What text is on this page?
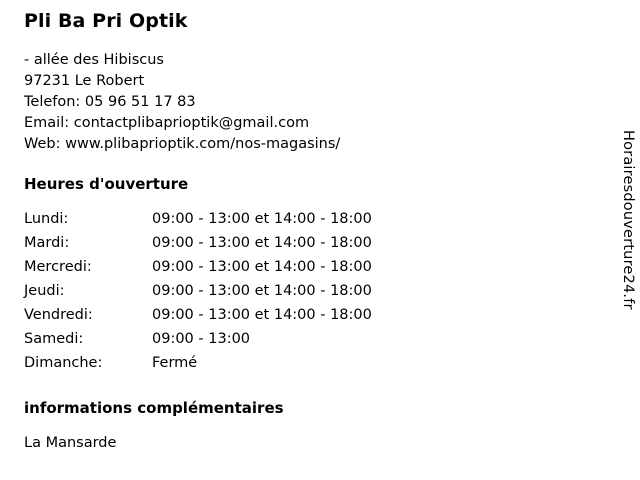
Pli Ba Pri Optik
- allée des Hibiscus
97231 Le Robert
Telefon: 05 96 51 17 83
Email: contactplibaprioptik@gmail.com
Web: www.plibaprioptik.com/nos-magasins/
Heures d'ouverture
Lundi:	09:00 - 13:00 et 14:00 - 18:00
Mardi:	09:00 - 13:00 et 14:00 - 18:00
Mercredi:	09:00 - 13:00 et 14:00 - 18:00
Jeudi:	09:00 - 13:00 et 14:00 - 18:00
Vendredi:	09:00 - 13:00 et 14:00 - 18:00
Samedi:	09:00 - 13:00
Dimanche:	Fermé
informations complémentaires
La Mansarde
Horairesdouverture24.fr
